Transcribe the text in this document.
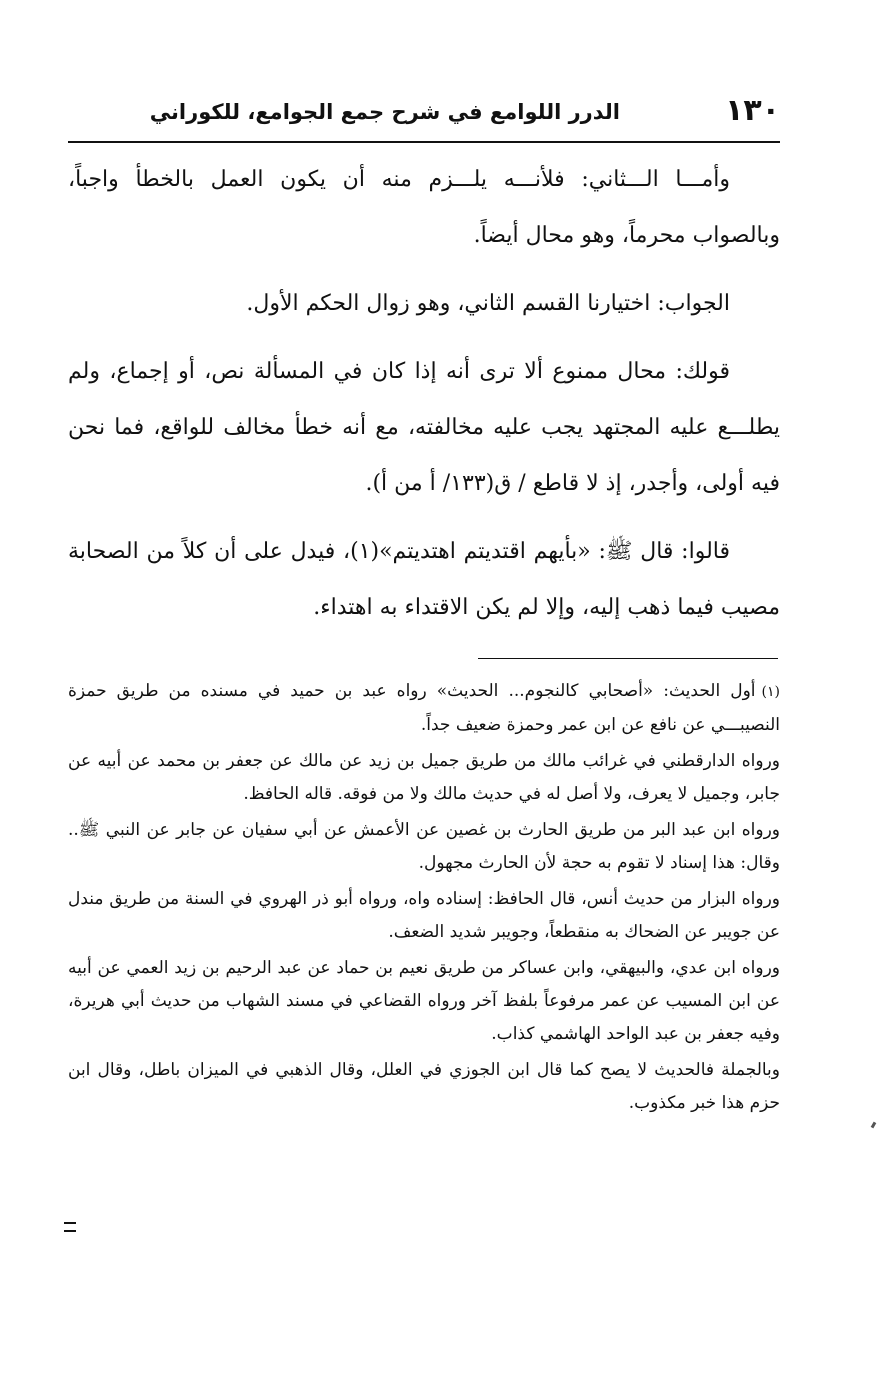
١٣٠
الدرر اللوامع في شرح جمع الجوامع، للكوراني

وأمـــا الـــثاني: فلأنـــه يلـــزم منه أن يكون العمل بالخطأ واجباً، وبالصواب محرماً، وهو محال أيضاً.

الجواب: اختيارنا القسم الثاني، وهو زوال الحكم الأول.

قولك: محال ممنوع ألا ترى أنه إذا كان في المسألة نص، أو إجماع، ولم يطلـــع عليه المجتهد يجب عليه مخالفته، مع أنه خطأ مخالف للواقع، فما نحن فيه أولى، وأجدر، إذ لا قاطع / ق(١٣٣/ أ من أ).

قالوا: قال ﷺ: «بأيهم اقتديتم اهتديتم»(١)، فيدل على أن كلاً من الصحابة مصيب فيما ذهب إليه، وإلا لم يكن الاقتداء به اهتداء.

(١)أول الحديث: «أصحابي كالنجوم... الحديث» رواه عبد بن حميد في مسنده من طريق حمزة النصيبـــي عن نافع عن ابن عمر وحمزة ضعيف جداً.

ورواه الدارقطني في غرائب مالك من طريق جميل بن زيد عن مالك عن جعفر بن محمد عن أبيه عن جابر، وجميل لا يعرف، ولا أصل له في حديث مالك ولا من فوقه. قاله الحافظ.

ورواه ابن عبد البر من طريق الحارث بن غصين عن الأعمش عن أبي سفيان عن جابر عن النبي ﷺ.. وقال: هذا إسناد لا تقوم به حجة لأن الحارث مجهول.

ورواه البزار من حديث أنس، قال الحافظ: إسناده واه، ورواه أبو ذر الهروي في السنة من طريق مندل عن جويبر عن الضحاك به منقطعاً، وجويبر شديد الضعف.

ورواه ابن عدي، والبيهقي، وابن عساكر من طريق نعيم بن حماد عن عبد الرحيم بن زيد العمي عن أبيه عن ابن المسيب عن عمر مرفوعاً بلفظ آخر ورواه القضاعي في مسند الشهاب من حديث أبي هريرة، وفيه جعفر بن عبد الواحد الهاشمي كذاب.

وبالجملة فالحديث لا يصح كما قال ابن الجوزي في العلل، وقال الذهبي في الميزان باطل، وقال ابن حزم هذا خبر مكذوب.
